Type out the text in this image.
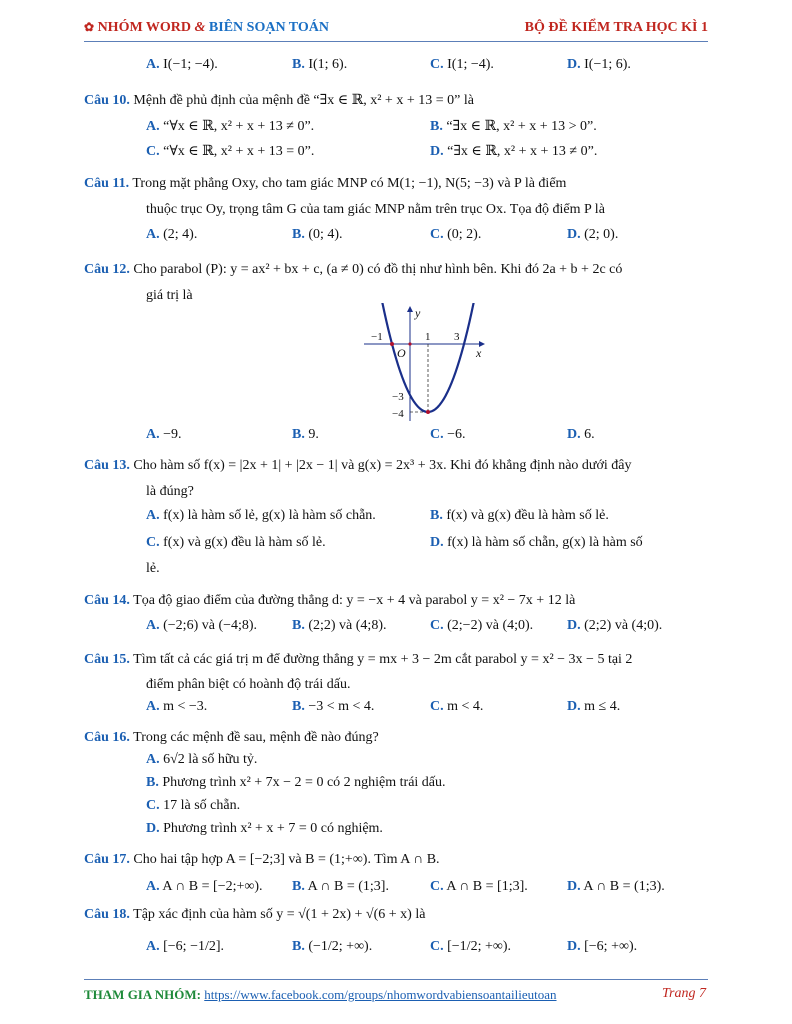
✿ NHÓM WORD & BIÊN SOẠN TOÁN	BỘ ĐỀ KIỂM TRA HỌC KÌ 1
A. I(−1; −4).	B. I(1; 6).	C. I(1; −4).	D. I(−1; 6).
Câu 10. Mệnh đề phủ định của mệnh đề “∃x ∈ ℝ, x² + x + 13 = 0” là
A. “∀x ∈ ℝ, x² + x + 13 ≠ 0”.	B. “∃x ∈ ℝ, x² + x + 13 > 0”.
C. “∀x ∈ ℝ, x² + x + 13 = 0”.	D. “∃x ∈ ℝ, x² + x + 13 ≠ 0”.
Câu 11. Trong mặt phẳng Oxy, cho tam giác MNP có M(1; −1), N(5; −3) và P là điểm
thuộc trục Oy, trọng tâm G của tam giác MNP nằm trên trục Ox. Tọa độ điểm P là
A. (2; 4).	B. (0; 4).	C. (0; 2).	D. (2; 0).
Câu 12. Cho parabol (P): y = ax² + bx + c, (a ≠ 0) có đồ thị như hình bên. Khi đó 2a + b + 2c có
giá trị là
y
x
O
−1	1 3
−3
−4
A. −9.	B. 9.	C. −6.	D. 6.
Câu 13. Cho hàm số f(x) = |2x + 1| + |2x − 1| và g(x) = 2x³ + 3x. Khi đó khẳng định nào dưới đây
là đúng?
A. f(x) là hàm số lẻ, g(x) là hàm số chẵn.	B. f(x) và g(x) đều là hàm số lẻ.
C. f(x) và g(x) đều là hàm số lẻ.	D. f(x) là hàm số chẵn, g(x) là hàm số
lẻ.
Câu 14. Tọa độ giao điểm của đường thẳng d: y = −x + 4 và parabol y = x² − 7x + 12 là
A. (−2;6) và (−4;8). B. (2;2) và (4;8).	C. (2;−2) và (4;0). D. (2;2) và (4;0).
Câu 15. Tìm tất cả các giá trị m để đường thẳng y = mx + 3 − 2m cắt parabol y = x² − 3x − 5 tại 2
điểm phân biệt có hoành độ trái dấu.
A. m < −3.	B. −3 < m < 4.	C. m < 4.	D. m ≤ 4.
Câu 16. Trong các mệnh đề sau, mệnh đề nào đúng?
A. 6√2 là số hữu tỷ.
B. Phương trình x² + 7x − 2 = 0 có 2 nghiệm trái dấu.
C. 17 là số chẵn.
D. Phương trình x² + x + 7 = 0 có nghiệm.
Câu 17. Cho hai tập hợp A = [−2;3] và B = (1;+∞). Tìm A ∩ B.
A. A ∩ B = [−2;+∞). B. A ∩ B = (1;3].	C. A ∩ B = [1;3].	D. A ∩ B = (1;3).
Câu 18. Tập xác định của hàm số y = √(1 + 2x) + √(6 + x) là
A. [−6; −1/2].	B. (−1/2; +∞).	C. [−1/2; +∞).	D. [−6; +∞).
THAM GIA NHÓM: https://www.facebook.com/groups/nhomwordvabiensoantailieutoan	Trang 7
